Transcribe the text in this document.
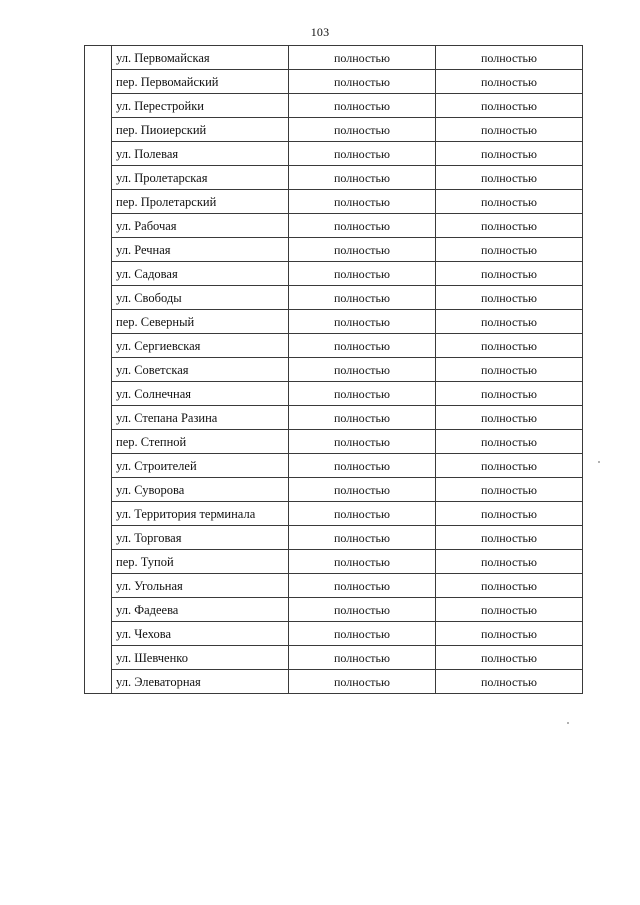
103
	ул. Первомайская	полностью	полностью
	пер. Первомайский	полностью	полностью
	ул. Перестройки	полностью	полностью
	пер. Пиоиерский	полностью	полностью
	ул. Полевая	полностью	полностью
	ул. Пролетарская	полностью	полностью
	пер. Пролетарский	полностью	полностью
	ул. Рабочая	полностью	полностью
	ул. Речная	полностью	полностью
	ул. Садовая	полностью	полностью
	ул. Свободы	полностью	полностью
	пер. Северный	полностью	полностью
	ул. Сергиевская	полностью	полностью
	ул. Советская	полностью	полностью
	ул. Солнечная	полностью	полностью
	ул. Степана Разина	полностью	полностью
	пер. Степной	полностью	полностью
	ул. Строителей	полностью	полностью
	ул. Суворова	полностью	полностью
	ул. Территория терминала	полностью	полностью
	ул. Торговая	полностью	полностью
	пер. Тупой	полностью	полностью
	ул. Угольная	полностью	полностью
	ул. Фадеева	полностью	полностью
	ул. Чехова	полностью	полностью
	ул. Шевченко	полностью	полностью
	ул. Элеваторная	полностью	полностью
